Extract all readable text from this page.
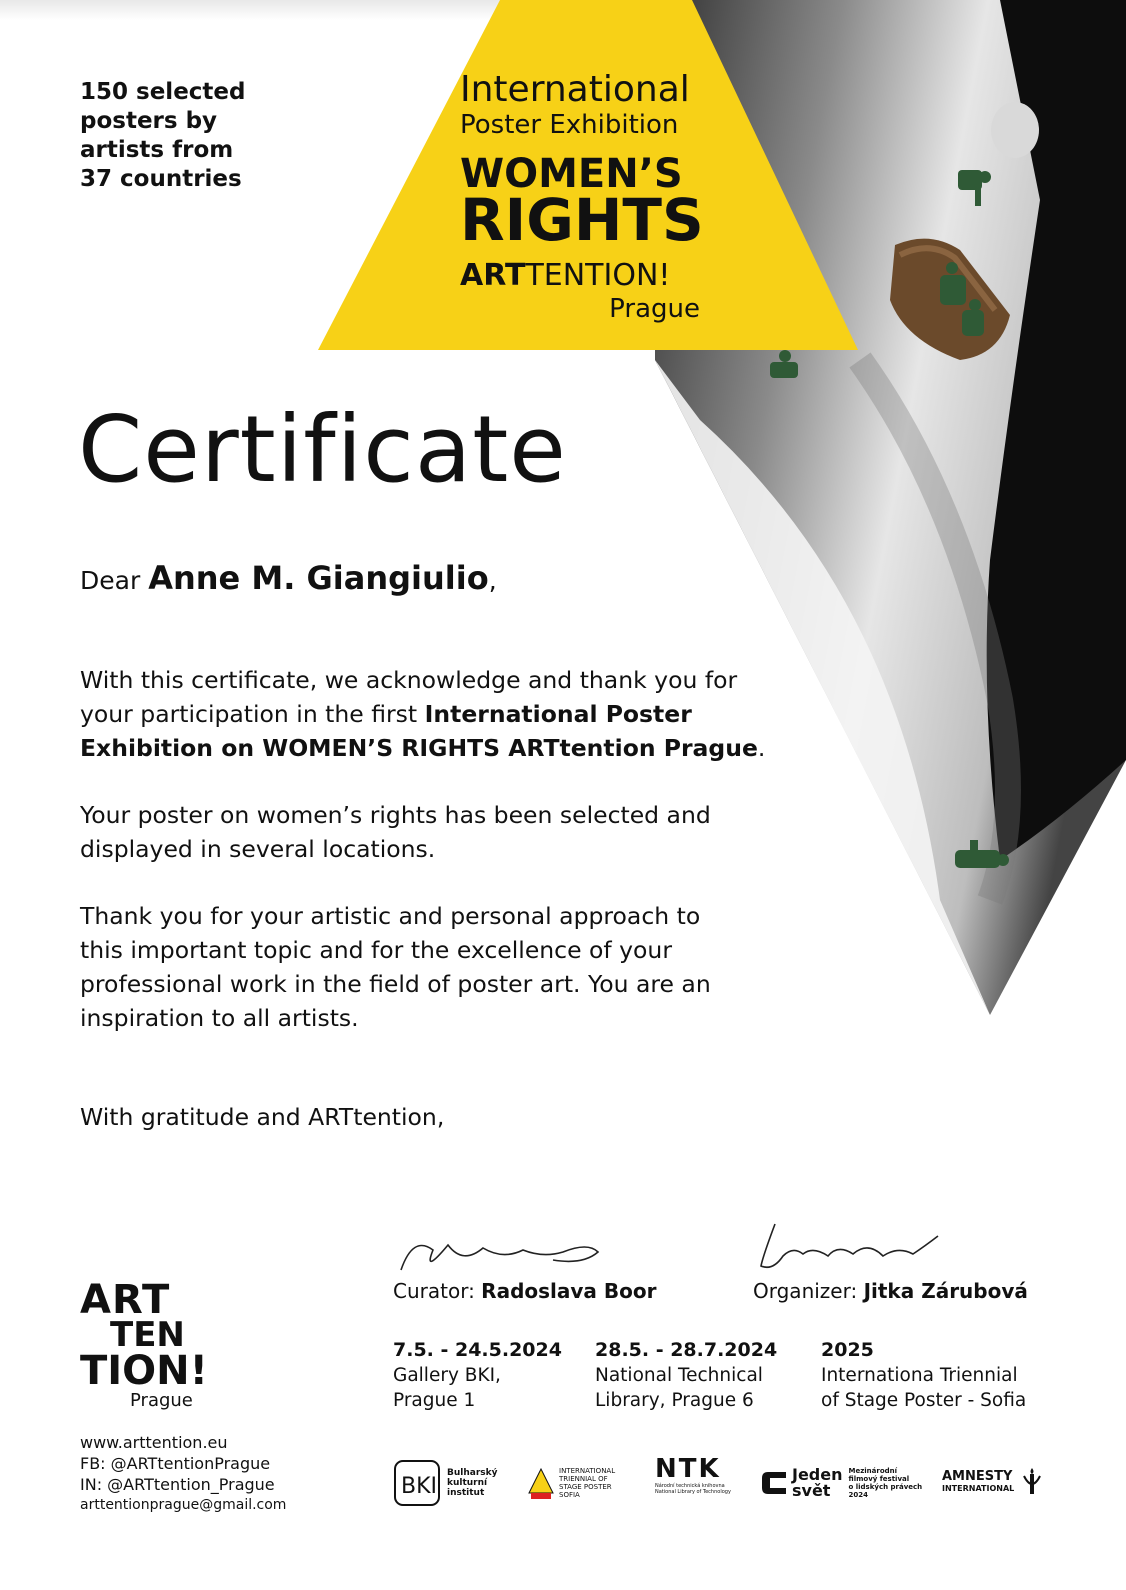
150 selected
posters by
artists from
37 countries
International
Poster Exhibition
WOMEN’S
RIGHTS
ARTTENTION!
Prague
Certificate
Dear Anne M. Giangiulio,
With this certificate, we acknowledge and thank you for your participation in the first International Poster Exhibition on WOMEN’S RIGHTS ARTtention Prague.
Your poster on women’s rights has been selected and displayed in several locations.
Thank you for your artistic and personal approach to this important topic and for the excellence of your professional work in the field of poster art. You are an inspiration to all artists.
With gratitude and ARTtention,
ART
TEN
TION!
Prague
www.arttention.eu
FB: @ARTtentionPrague
IN: @ARTtention_Prague
arttentionprague@gmail.com
Curator: Radoslava Boor	Organizer: Jitka Zárubová
7.5. - 24.5.2024
Gallery BKI,
Prague 1
28.5. - 28.7.2024
National Technical
Library, Prague 6
2025
Internationa Triennial
of Stage Poster - Sofia
BKI
Bulharský
kulturní
institut
INTERNATIONAL
TRIENNIAL OF
STAGE POSTER
SOFIA
NTK
Národní technická knihovna National Library of Technology
Jeden
svět
Mezinárodní
filmový festival
o lidských právech
2024
AMNESTY
INTERNATIONAL
